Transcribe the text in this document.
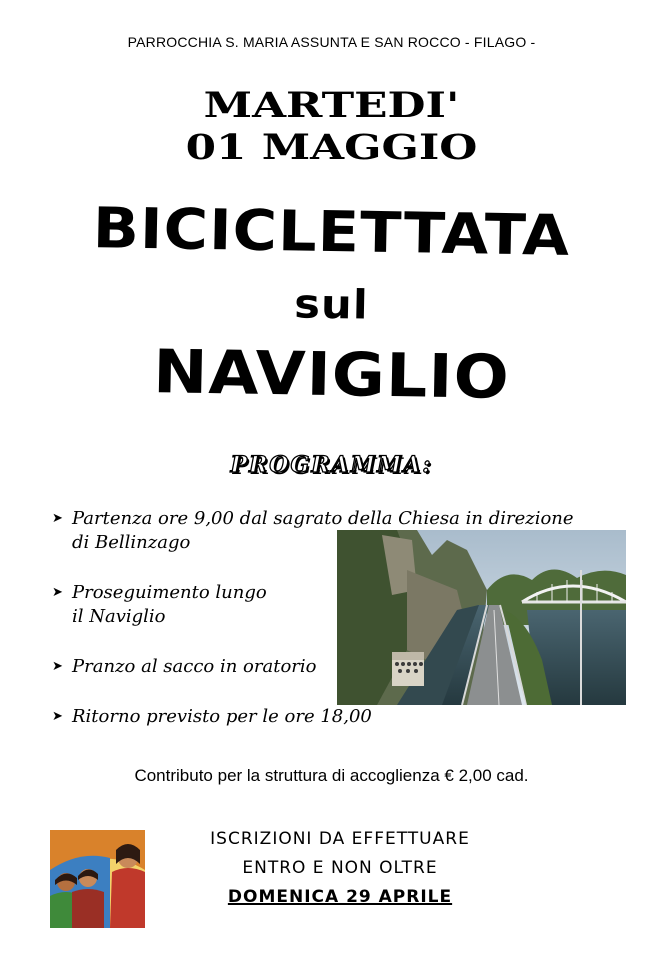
PARROCCHIA S. MARIA ASSUNTA E SAN ROCCO - FILAGO -
MARTEDI'
01 MAGGIO
BICICLETTATA
sul
NAVIGLIO
PROGRAMMA:
➤ Partenza ore 9,00 dal sagrato della Chiesa in direzione
di Bellinzago
➤ Proseguimento lungo
il Naviglio
➤ Pranzo al sacco in oratorio
➤ Ritorno previsto per le ore 18,00
Contributo per la struttura di accoglienza € 2,00 cad.
ISCRIZIONI DA EFFETTUARE
ENTRO E NON OLTRE
DOMENICA 29 APRILE
